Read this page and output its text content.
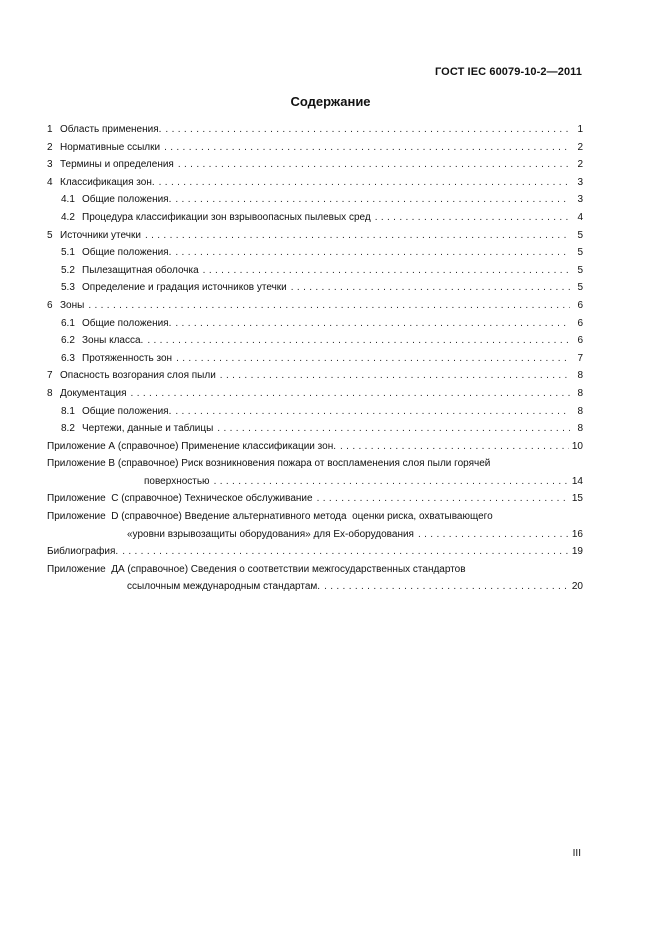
ГОСТ IEC 60079-10-2—2011
Содержание
1 Область применения. . . .	1
2 Нормативные ссылки . . .	2
3 Термины и определения . . .	2
4 Классификация зон. . . .	3
4.1 Общие положения. . . .	3
4.2 Процедура классификации зон взрывоопасных пылевых сред . . .	4
5 Источники утечки . . .	5
5.1 Общие положения. . . .	5
5.2 Пылезащитная оболочка . . .	5
5.3 Определение и градация источников утечки . . .	5
6 Зоны . . .	6
6.1 Общие положения. . . .	6
6.2 Зоны класса. . . .	6
6.3 Протяженность зон . . .	7
7 Опасность возгорания слоя пыли . . .	8
8 Документация . . .	8
8.1 Общие положения. . . .	8
8.2 Чертежи, данные и таблицы . . .	8
Приложение А (справочное) Применение классификации зон. . . .	10
Приложение В (справочное) Риск возникновения пожара от воспламенения слоя пыли горячей
поверхностью . . .	14
Приложение  С (справочное) Техническое обслуживание . . .	15
Приложение  D (справочное) Введение альтернативного метода  оценки риска, охватывающего
«уровни взрывозащиты оборудования» для Ex-оборудования . . .	16
Библиография. . . .	19
Приложение  ДА (справочное) Сведения о соответствии межгосударственных стандартов
ссылочным международным стандартам. . . .	20
III
